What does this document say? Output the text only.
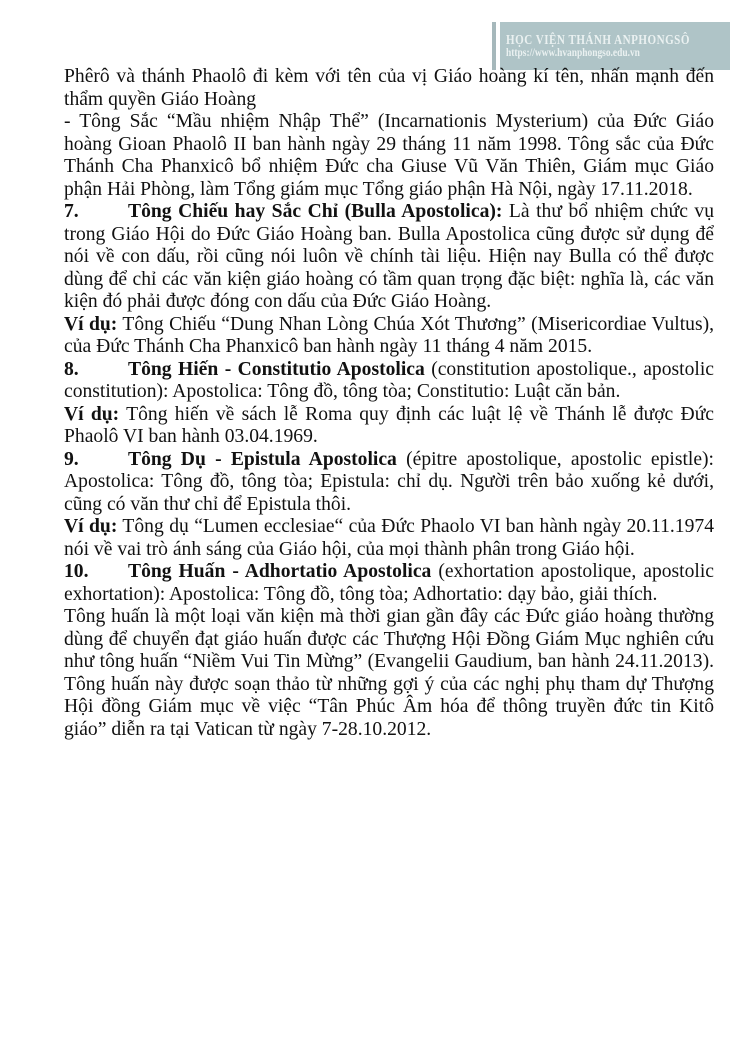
HỌC VIỆN THÁNH ANPHONGSÔ
https://www.hvanphongso.edu.vn

Phêrô và thánh Phaolô đi kèm với tên của vị Giáo hoàng kí tên, nhấn mạnh đến thẩm quyền Giáo Hoàng

- Tông Sắc “Mầu nhiệm Nhập Thể” (Incarnationis Mysterium) của Đức Giáo hoàng Gioan Phaolô II ban hành ngày 29 tháng 11 năm 1998. Tông sắc của Đức Thánh Cha Phanxicô bổ nhiệm Đức cha Giuse Vũ Văn Thiên, Giám mục Giáo phận Hải Phòng, làm Tổng giám mục Tổng giáo phận Hà Nội, ngày 17.11.2018.

7.	Tông Chiếu hay Sắc Chỉ (Bulla Apostolica): Là thư bổ nhiệm chức vụ trong Giáo Hội do Đức Giáo Hoàng ban. Bulla Apostolica cũng được sử dụng để nói về con dấu, rồi cũng nói luôn về chính tài liệu. Hiện nay Bulla có thể được dùng để chỉ các văn kiện giáo hoàng có tầm quan trọng đặc biệt: nghĩa là, các văn kiện đó phải được đóng con dấu của Đức Giáo Hoàng.

Ví dụ: Tông Chiếu “Dung Nhan Lòng Chúa Xót Thương” (Misericordiae Vultus), của Đức Thánh Cha Phanxicô ban hành ngày 11 tháng 4 năm 2015.

8.	Tông Hiến - Constitutio Apostolica (constitution apostolique., apostolic constitution): Apostolica: Tông đồ, tông tòa; Constitutio: Luật căn bản.

Ví dụ: Tông hiến về sách lễ Roma quy định các luật lệ về Thánh lễ được Đức Phaolô VI ban hành 03.04.1969.

9.	Tông Dụ - Epistula Apostolica (épitre apostolique, apostolic epistle): Apostolica: Tông đồ, tông tòa; Epistula: chỉ dụ. Người trên bảo xuống kẻ dưới, cũng có văn thư chỉ để Epistula thôi.

Ví dụ: Tông dụ “Lumen ecclesiae“ của Đức Phaolo VI ban hành ngày 20.11.1974 nói về vai trò ánh sáng của Giáo hội, của mọi thành phân trong Giáo hội.

10. Tông Huấn - Adhortatio Apostolica (exhortation apostolique, apostolic exhortation): Apostolica: Tông đồ, tông tòa; Adhortatio: dạy bảo, giải thích.

Tông huấn là một loại văn kiện mà thời gian gần đây các Đức giáo hoàng thường dùng để chuyển đạt giáo huấn được các Thượng Hội Đồng Giám Mục nghiên cứu như tông huấn “Niềm Vui Tin Mừng” (Evangelii Gaudium, ban hành 24.11.2013). Tông huấn này được soạn thảo từ những gợi ý của các nghị phụ tham dự Thượng Hội đồng Giám mục về việc “Tân Phúc Âm hóa để thông truyền đức tin Kitô giáo” diễn ra tại Vatican từ ngày 7-28.10.2012.
